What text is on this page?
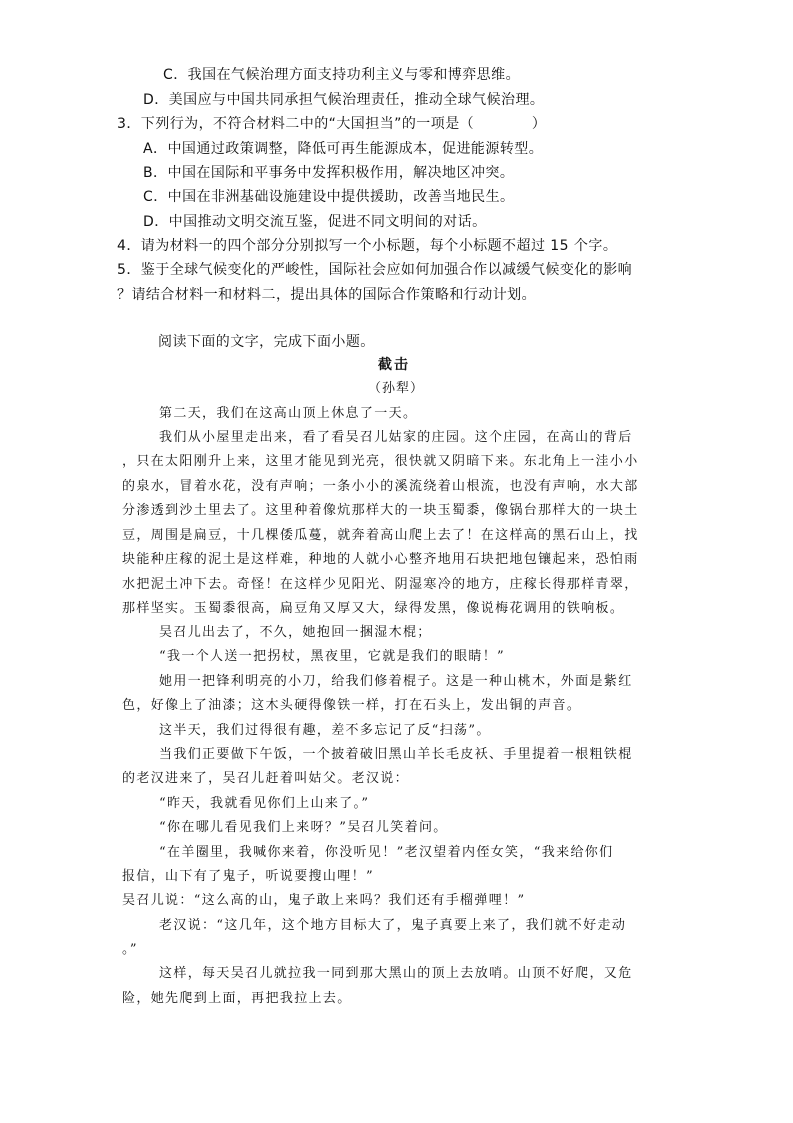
C．我国在气候治理方面支持功利主义与零和博弈思维。
D．美国应与中国共同承担气候治理责任，推动全球气候治理。
3．下列行为，不符合材料二中的“大国担当”的一项是（　　　　）
A．中国通过政策调整，降低可再生能源成本，促进能源转型。
B．中国在国际和平事务中发挥积极作用，解决地区冲突。
C．中国在非洲基础设施建设中提供援助，改善当地民生。
D．中国推动文明交流互鉴，促进不同文明间的对话。
4．请为材料一的四个部分分别拟写一个小标题，每个小标题不超过 15 个字。
5．鉴于全球气候变化的严峻性，国际社会应如何加强合作以减缓气候变化的影响
？请结合材料一和材料二，提出具体的国际合作策略和行动计划。
阅读下面的文字，完成下面小题。
截击
（孙犁）
第二天，我们在这高山顶上休息了一天。
我们从小屋里走出来，看了看吴召儿姑家的庄园。这个庄园，在高山的背后
，只在太阳刚升上来，这里才能见到光亮，很快就又阴暗下来。东北角上一洼小小
的泉水，冒着水花，没有声响；一条小小的溪流绕着山根流，也没有声响，水大部
分渗透到沙土里去了。这里种着像炕那样大的一块玉蜀黍，像锅台那样大的一块土
豆，周围是扁豆，十几棵倭瓜蔓，就奔着高山爬上去了！在这样高的黑石山上，找
块能种庄稼的泥土是这样难，种地的人就小心整齐地用石块把地包镶起来，恐怕雨
水把泥土冲下去。奇怪！在这样少见阳光、阴湿寒冷的地方，庄稼长得那样青翠，
那样坚实。玉蜀黍很高，扁豆角又厚又大，绿得发黑，像说梅花调用的铁响板。
吴召儿出去了，不久，她抱回一捆湿木棍；
“我一个人送一把拐杖，黑夜里，它就是我们的眼睛！”
她用一把锋利明亮的小刀，给我们修着棍子。这是一种山桃木，外面是紫红
色，好像上了油漆；这木头硬得像铁一样，打在石头上，发出铜的声音。
这半天，我们过得很有趣，差不多忘记了反“扫荡”。
当我们正要做下午饭，一个披着破旧黑山羊长毛皮袄、手里提着一根粗铁棍
的老汉进来了，吴召儿赶着叫姑父。老汉说：
“昨天，我就看见你们上山来了。”
“你在哪儿看见我们上来呀？”吴召儿笑着问。
“在羊圈里，我喊你来着，你没听见！”老汉望着内侄女笑，“我来给你们
报信，山下有了鬼子，听说要搜山哩！”
吴召儿说：“这么高的山，鬼子敢上来吗？我们还有手榴弹哩！”
老汉说：“这几年，这个地方目标大了，鬼子真要上来了，我们就不好走动
。”
这样，每天吴召儿就拉我一同到那大黑山的顶上去放哨。山顶不好爬，又危
险，她先爬到上面，再把我拉上去。
